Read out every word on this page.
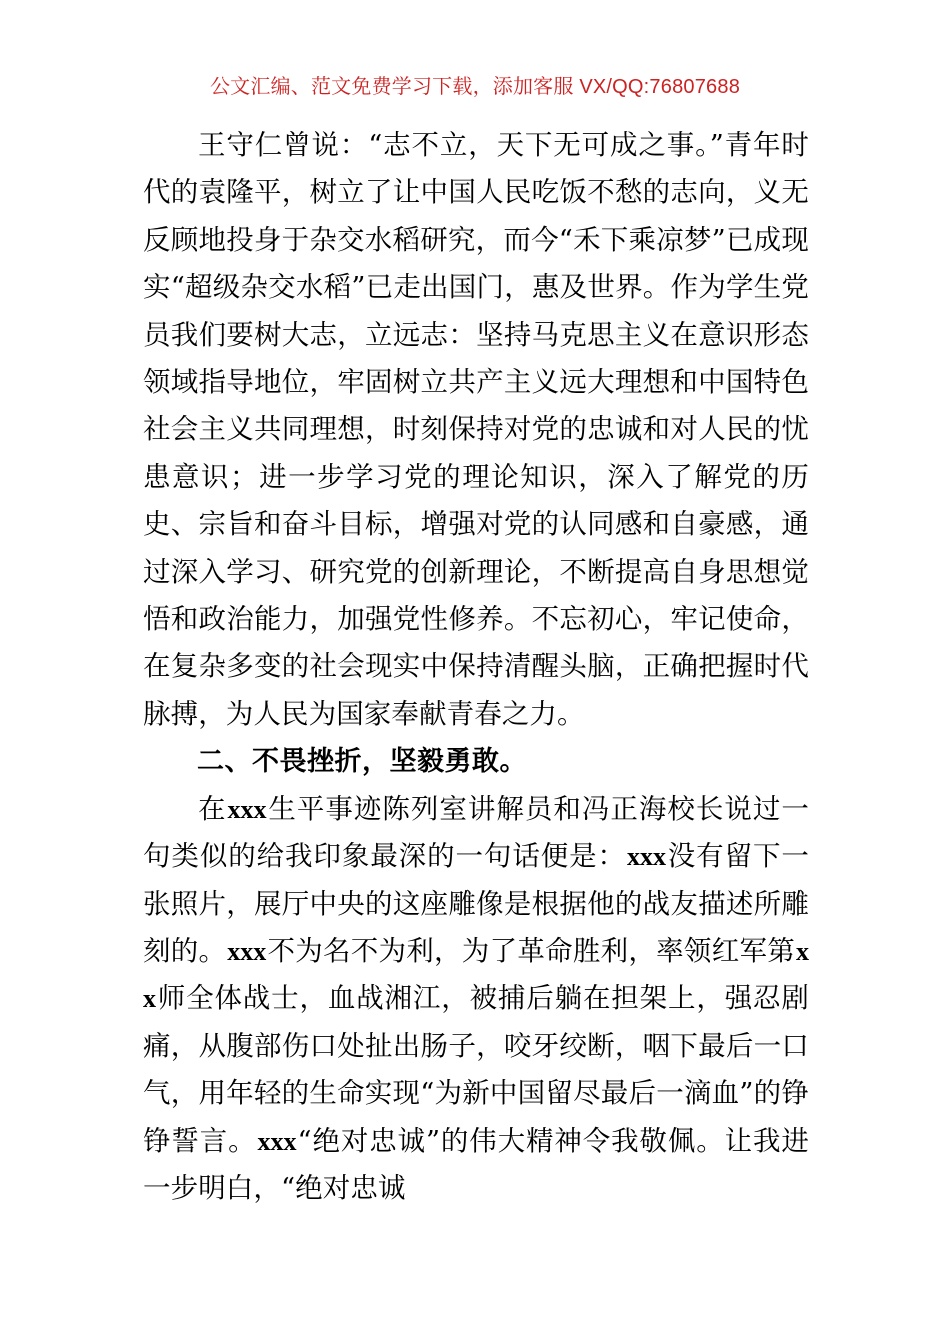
公文汇编、范文免费学习下载，添加客服 VX/QQ:76807688

王守仁曾说：“志不立，天下无可成之事。”青年时代的袁隆平，树立了让中国人民吃饭不愁的志向，义无反顾地投身于杂交水稻研究，而今“禾下乘凉梦”已成现实“超级杂交水稻”已走出国门，惠及世界。作为学生党员我们要树大志，立远志：坚持马克思主义在意识形态领域指导地位，牢固树立共产主义远大理想和中国特色社会主义共同理想，时刻保持对党的忠诚和对人民的忧患意识；进一步学习党的理论知识，深入了解党的历史、宗旨和奋斗目标，增强对党的认同感和自豪感，通过深入学习、研究党的创新理论，不断提高自身思想觉悟和政治能力，加强党性修养。不忘初心，牢记使命，在复杂多变的社会现实中保持清醒头脑，正确把握时代脉搏，为人民为国家奉献青春之力。

二、不畏挫折，坚毅勇敢。

在xxx生平事迹陈列室讲解员和冯正海校长说过一句类似的给我印象最深的一句话便是：xxx没有留下一张照片，展厅中央的这座雕像是根据他的战友描述所雕刻的。xxx不为名不为利，为了革命胜利，率领红军第xx师全体战士，血战湘江，被捕后躺在担架上，强忍剧痛，从腹部伤口处扯出肠子，咬牙绞断，咽下最后一口气，用年轻的生命实现“为新中国留尽最后一滴血”的铮铮誓言。xxx“绝对忠诚”的伟大精神令我敬佩。让我进一步明白，“绝对忠诚
